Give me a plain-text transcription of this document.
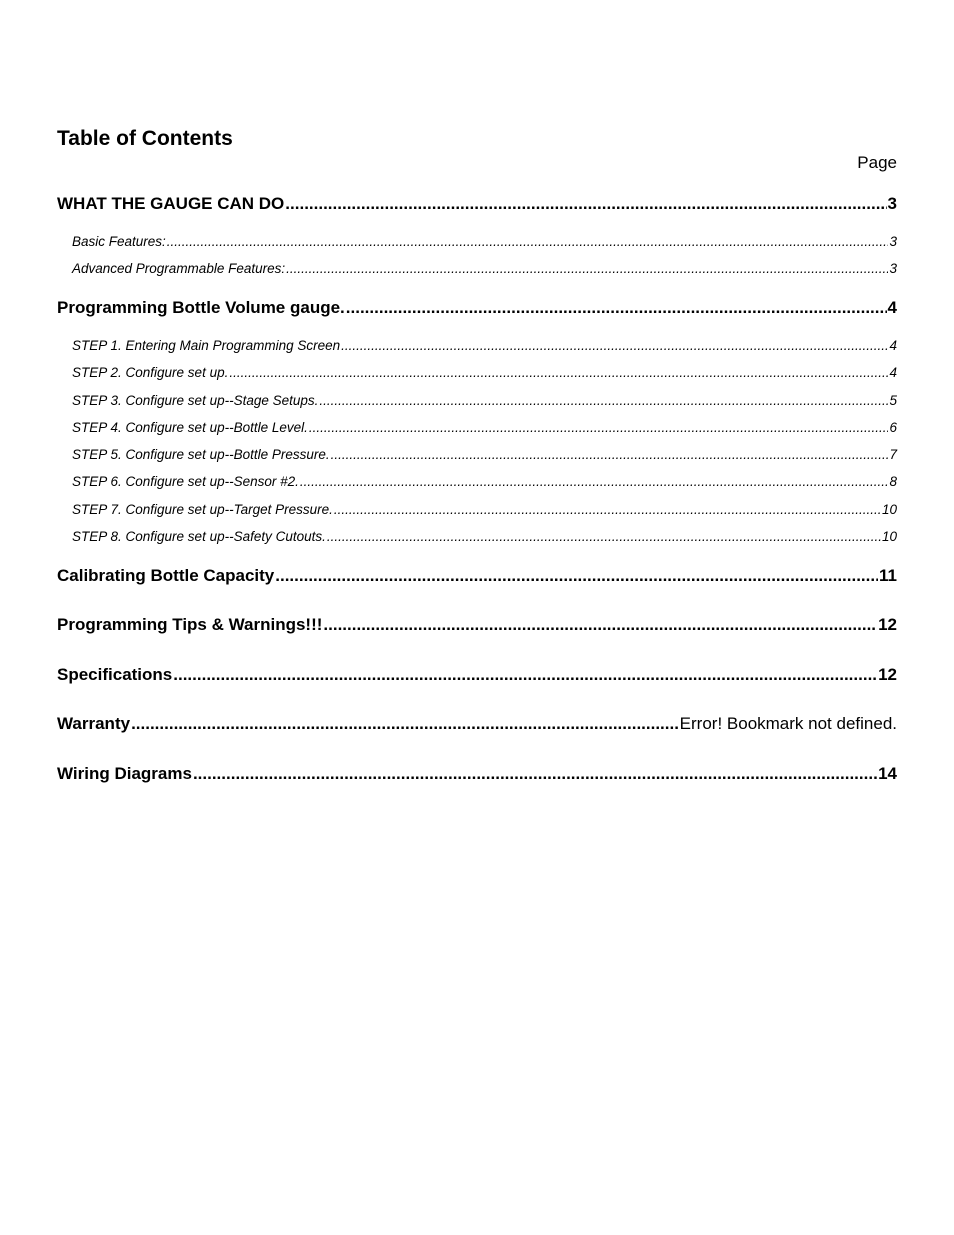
Table of Contents
Page
WHAT THE GAUGE CAN DO .....	3
Basic Features: .....	3
Advanced Programmable Features: .....	3
Programming Bottle Volume gauge. .....	4
STEP 1. Entering Main Programming Screen .....	4
STEP 2. Configure set up. .....	4
STEP 3. Configure set up--Stage Setups. .....	5
STEP 4. Configure set up--Bottle Level. .....	6
STEP 5. Configure set up--Bottle Pressure. .....	7
STEP 6. Configure set up--Sensor #2. .....	8
STEP 7. Configure set up--Target Pressure. .....	10
STEP 8. Configure set up--Safety Cutouts. .....	10
Calibrating Bottle Capacity .....	11
Programming Tips & Warnings!!! .....	12
Specifications .....	12
Warranty .....	Error! Bookmark not defined.
Wiring Diagrams .....	14
